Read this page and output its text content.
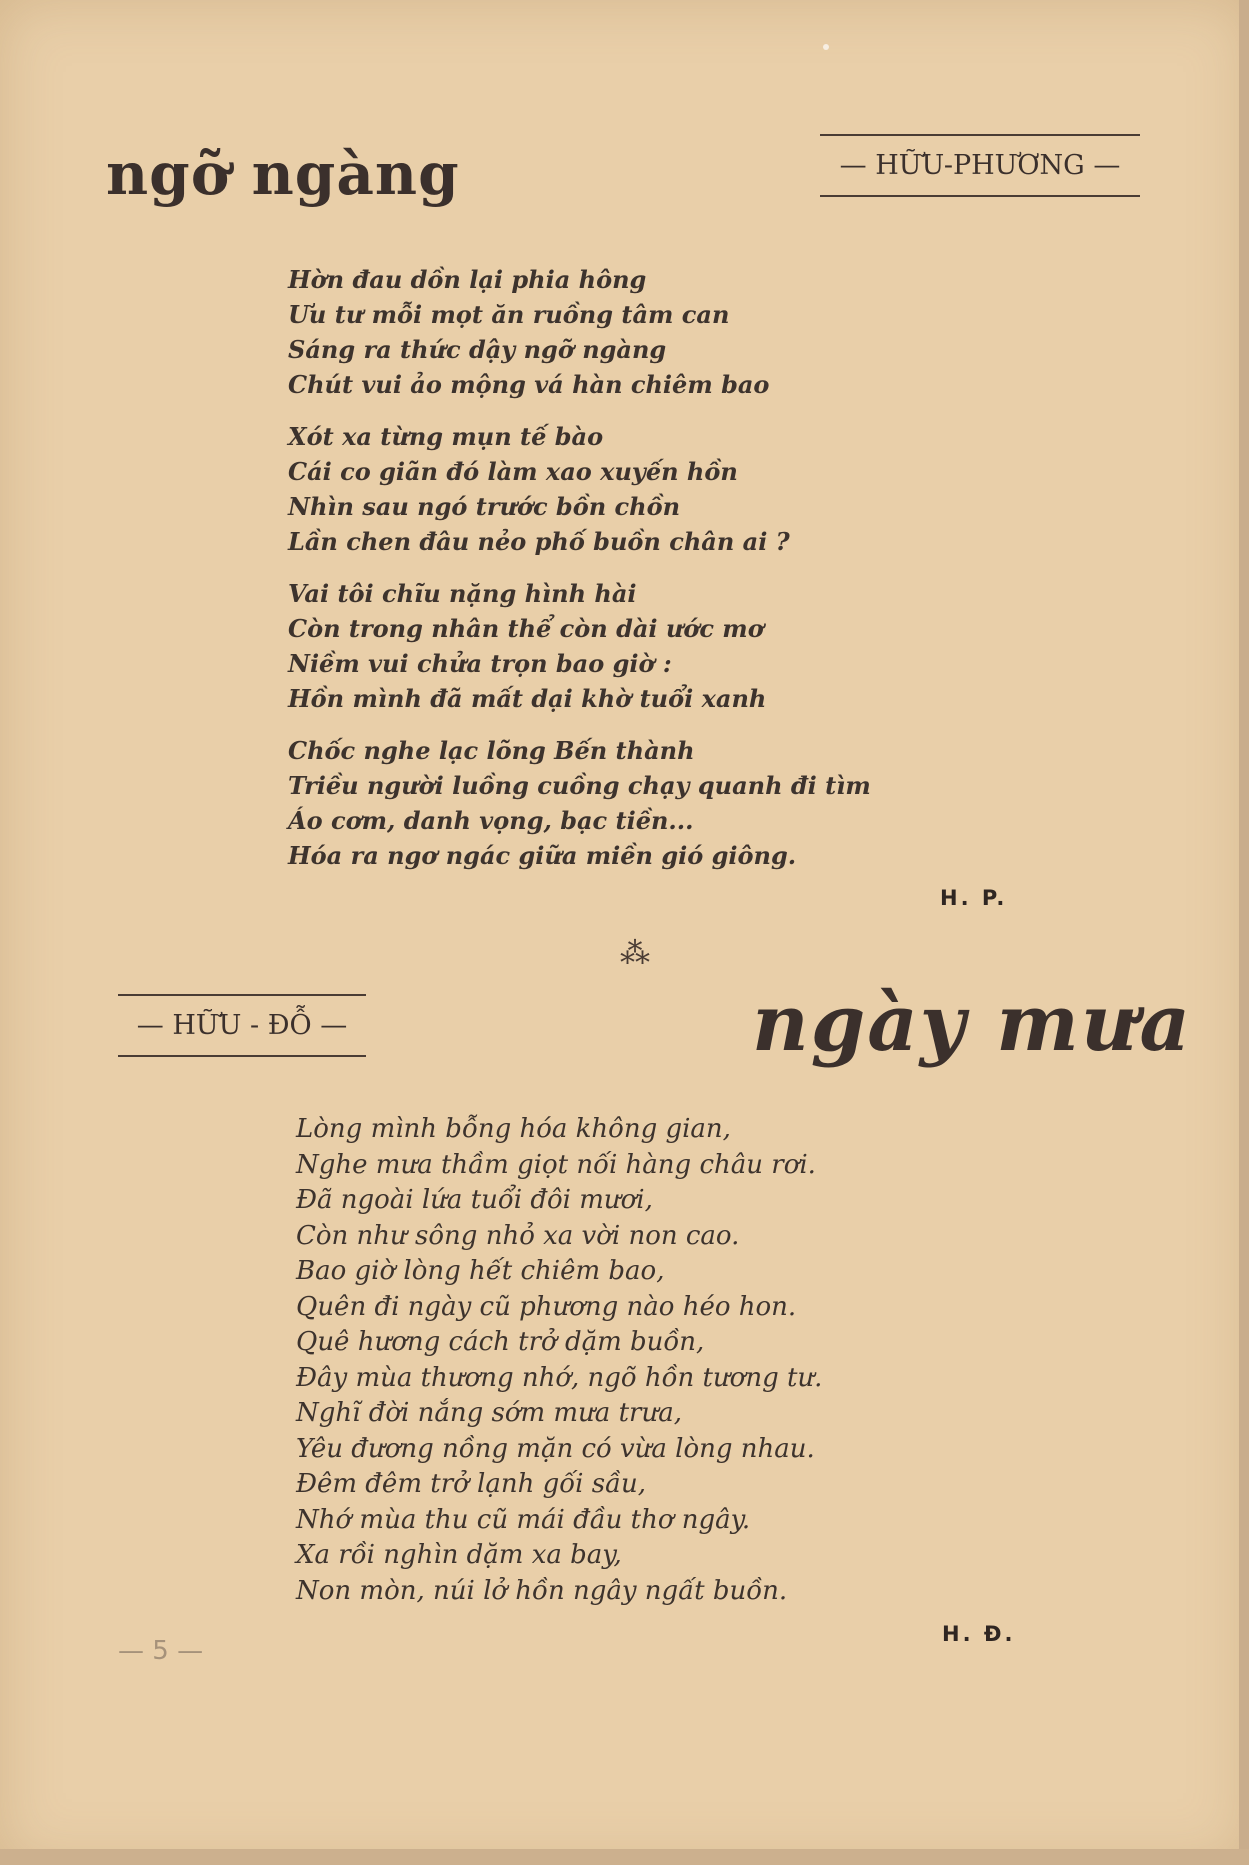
ngỡ ngàng	— HỮU-PHƯƠNG —
Hờn đau dồn lại phia hông
Ưu tư mỗi mọt ăn ruồng tâm can
Sáng ra thức dậy ngỡ ngàng
Chút vui ảo mộng vá hàn chiêm bao
Xót xa từng mụn tế bào
Cái co giãn đó làm xao xuyến hồn
Nhìn sau ngó trước bồn chồn
Lần chen đâu nẻo phố buồn chân ai ?
Vai tôi chĩu nặng hình hài
Còn trong nhân thể còn dài ước mơ
Niềm vui chửa trọn bao giờ :
Hồn mình đã mất dại khờ tuổi xanh
Chốc nghe lạc lõng Bến thành
Triều người luồng cuồng chạy quanh đi tìm
Áo cơm, danh vọng, bạc tiền...
Hóa ra ngơ ngác giữa miền gió giông.
H. P.
⁂
— HỮU - ĐỖ —	ngày mưa
Lòng mình bỗng hóa không gian,
Nghe mưa thầm giọt nối hàng châu rơi.
Đã ngoài lứa tuổi đôi mươi,
Còn như sông nhỏ xa vời non cao.
Bao giờ lòng hết chiêm bao,
Quên đi ngày cũ phương nào héo hon.
Quê hương cách trở dặm buồn,
Đây mùa thương nhớ, ngõ hồn tương tư.
Nghĩ đời nắng sớm mưa trưa,
Yêu đương nồng mặn có vừa lòng nhau.
Đêm đêm trở lạnh gối sầu,
Nhớ mùa thu cũ mái đầu thơ ngây.
Xa rồi nghìn dặm xa bay,
Non mòn, núi lở hồn ngây ngất buồn.
H. Đ.
— 5 —
